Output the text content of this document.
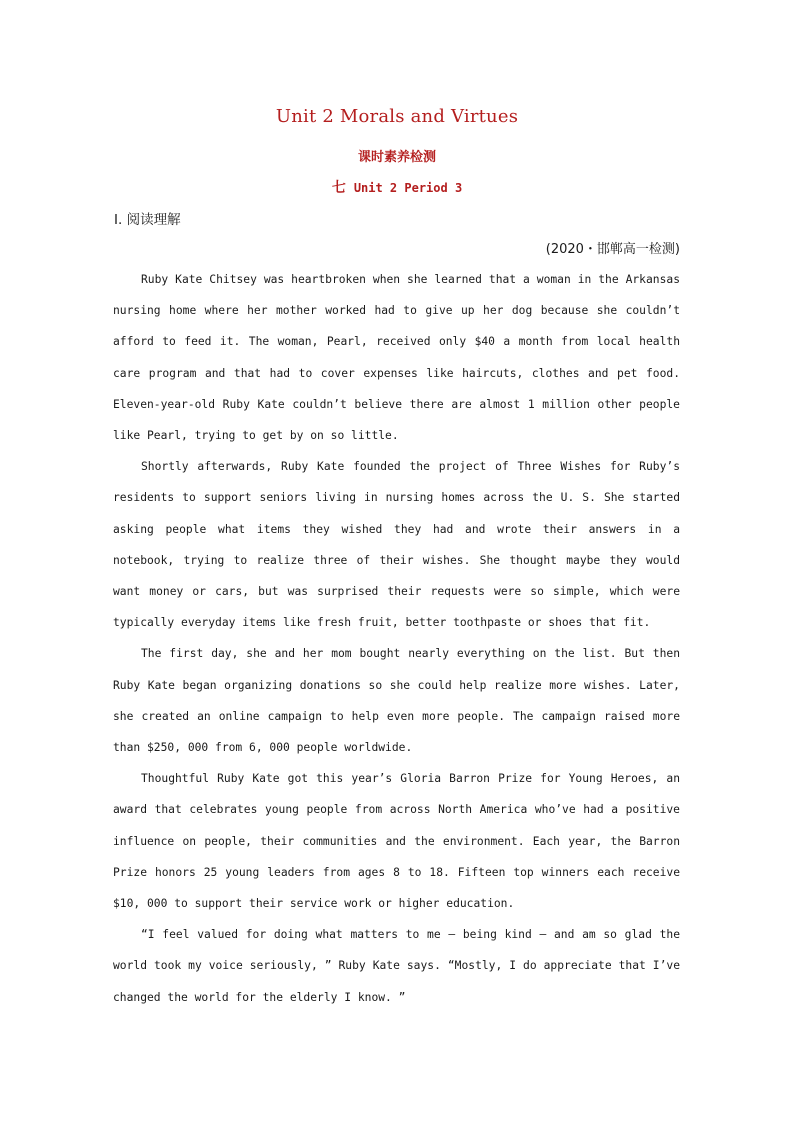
Unit 2 Morals and Virtues
课时素养检测
七 Unit 2 Period 3
Ⅰ. 阅读理解
(2020・邯郸高一检测)

Ruby Kate Chitsey was heartbroken when she learned that a woman in the Arkansas nursing home where her mother worked had to give up her dog because she couldn’t afford to feed it. The woman, Pearl, received only $40 a month from local health care program and that had to cover expenses like haircuts, clothes and pet food. Eleven-year-old Ruby Kate couldn’t believe there are almost 1 million other people like Pearl, trying to get by on so little.

Shortly afterwards, Ruby Kate founded the project of Three Wishes for Ruby’s residents to support seniors living in nursing homes across the U. S. She started asking people what items they wished they had and wrote their answers in a notebook, trying to realize three of their wishes. She thought maybe they would want money or cars, but was surprised their requests were so simple, which were typically everyday items like fresh fruit, better toothpaste or shoes that fit.

The first day, she and her mom bought nearly everything on the list. But then Ruby Kate began organizing donations so she could help realize more wishes. Later, she created an online campaign to help even more people. The campaign raised more than $250, 000 from 6, 000 people worldwide.

Thoughtful Ruby Kate got this year’s Gloria Barron Prize for Young Heroes, an award that celebrates young people from across North America who’ve had a positive influence on people, their communities and the environment. Each year, the Barron Prize honors 25 young leaders from ages 8 to 18. Fifteen top winners each receive $10, 000 to support their service work or higher education.

“I feel valued for doing what matters to me — being kind — and am so glad the world took my voice seriously, ” Ruby Kate says. “Mostly, I do appreciate that I’ve changed the world for the elderly I know. ”
